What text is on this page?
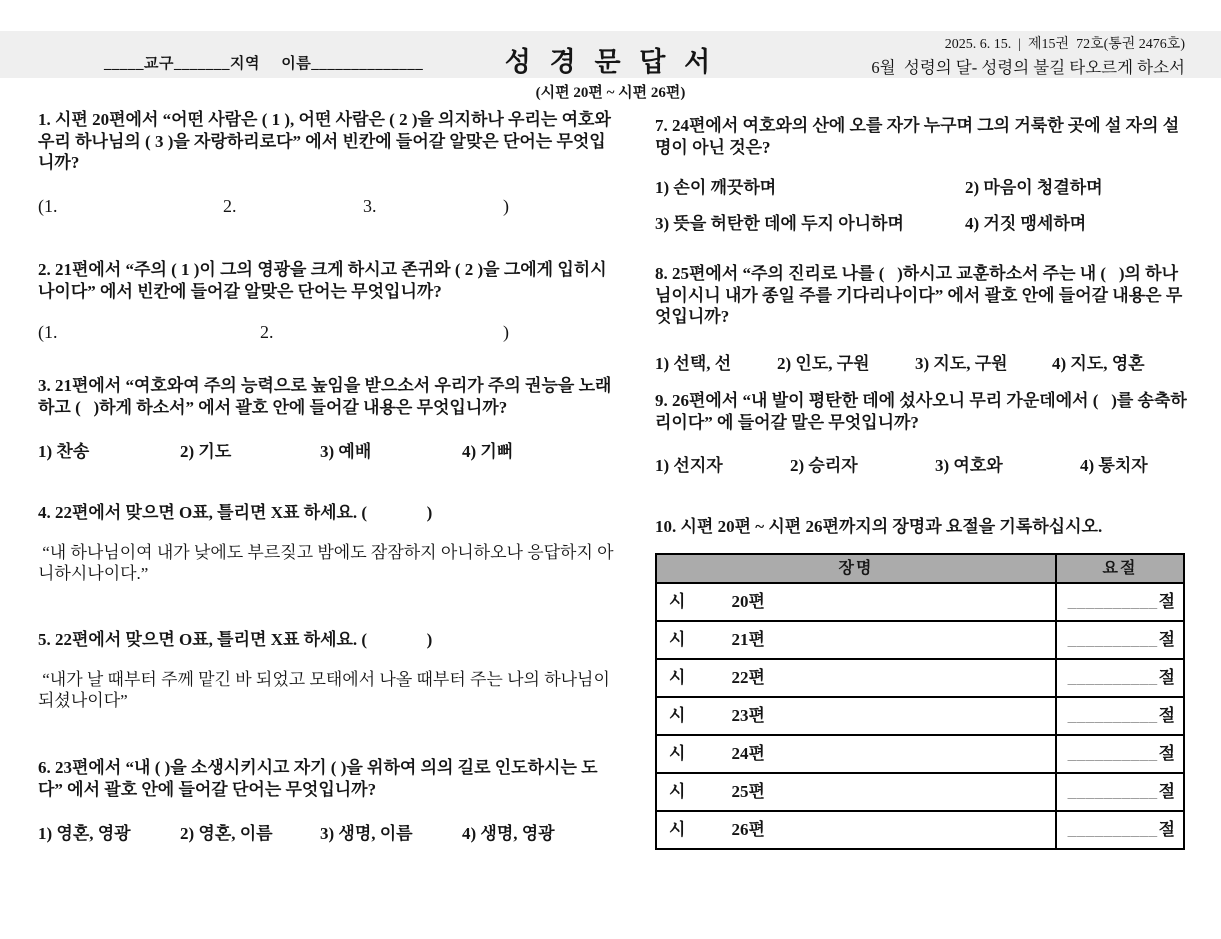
_____교구_______지역     이름______________	성 경 문 답 서
(시편 20편 ~ 시편 26편)
2025. 6. 15.  |  제15권  72호(통권 2476호)
6월  성령의 달- 성령의 불길 타오르게 하소서

1. 시편 20편에서 “어떤 사람은 ( 1 ), 어떤 사람은 ( 2 )을 의지하나 우리는 여호와 우리 하나님의 ( 3 )을 자랑하리로다” 에서 빈칸에 들어갈 알맞은 단어는 무엇입니까?

(1.	2.	3.	)

2. 21편에서 “주의 ( 1 )이 그의 영광을 크게 하시고 존귀와 ( 2 )을 그에게 입히시나이다” 에서 빈칸에 들어갈 알맞은 단어는 무엇입니까?

(1.	2.	)

3. 21편에서 “여호와여 주의 능력으로 높임을 받으소서 우리가 주의 권능을 노래하고 (   )하게 하소서” 에서 괄호 안에 들어갈 내용은 무엇입니까?

1) 찬송	2) 기도	3) 예배	4) 기뻐

4. 22편에서 맞으면 O표, 틀리면 X표 하세요. (              )

“내 하나님이여 내가 낮에도 부르짖고 밤에도 잠잠하지 아니하오나 응답하지 아니하시나이다.”

5. 22편에서 맞으면 O표, 틀리면 X표 하세요. (              )

“내가 날 때부터 주께 맡긴 바 되었고 모태에서 나올 때부터 주는 나의 하나님이 되셨나이다”

6. 23편에서 “내 ( )을 소생시키시고 자기 ( )을 위하여 의의 길로 인도하시는 도다” 에서 괄호 안에 들어갈 단어는 무엇입니까?

1) 영혼, 영광	2) 영혼, 이름	3) 생명, 이름	4) 생명, 영광

7. 24편에서 여호와의 산에 오를 자가 누구며 그의 거룩한 곳에 설 자의 설명이 아닌 것은?

1) 손이 깨끗하며	2) 마음이 청결하며
3) 뜻을 허탄한 데에 두지 아니하며	4) 거짓 맹세하며

8. 25편에서 “주의 진리로 나를 (   )하시고 교훈하소서 주는 내 (   )의 하나님이시니 내가 종일 주를 기다리나이다” 에서 괄호 안에 들어갈 내용은 무엇입니까?

1) 선택, 선	2) 인도, 구원	3) 지도, 구원	4) 지도, 영혼

9. 26편에서 “내 발이 평탄한 데에 섰사오니 무리 가운데에서 (   )를 송축하리이다” 에 들어갈 말은 무엇입니까?

1) 선지자	2) 승리자	3) 여호와	4) 통치자

10. 시편 20편 ~ 시편 26편까지의 장명과 요절을 기록하십시오.

장명	요절
시	20편	__________절
시	21편	__________절
시	22편	__________절
시	23편	__________절
시	24편	__________절
시	25편	__________절
시	26편	__________절
